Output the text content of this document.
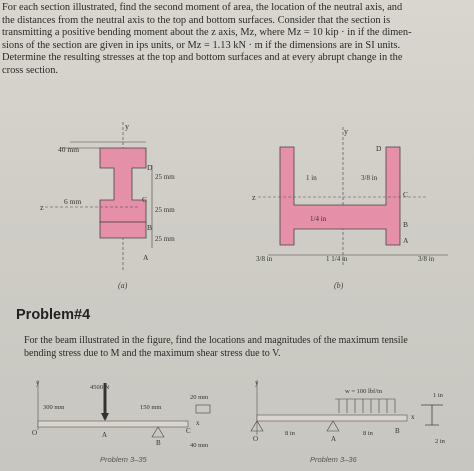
For each section illustrated, find the second moment of area, the location of the neutral axis, and
the distances from the neutral axis to the top and bottom surfaces. Consider that the section is
transmitting a positive bending moment about the z axis, Mz, where Mz = 10 kip · in if the dimen-
sions of the section are given in ips units, or Mz = 1.13 kN · m if the dimensions are in SI units.
Determine the resulting stresses at the top and bottom surfaces and at every abrupt change in the
cross section.
y
40 mm
z
6 mm
D
25 mm
C
25 mm
B
25 mm
A
(a)
y
z
D
1 in	3/8 in
C
1/4 in
B
A
3/8 in	1 1/4 in	3/8 in
(b)
Problem#4
For the beam illustrated in the figure, find the locations and magnitudes of the maximum tensile
bending stress due to M and the maximum shear stress due to V.
y
4500 N
300 mm	150 mm
O	A
B
C
x
20 mm
40 mm
Problem 3–35
y
w = 100 lbf/in
O	A
B
8 in	8 in
x
1 in
2 in
Problem 3–36
